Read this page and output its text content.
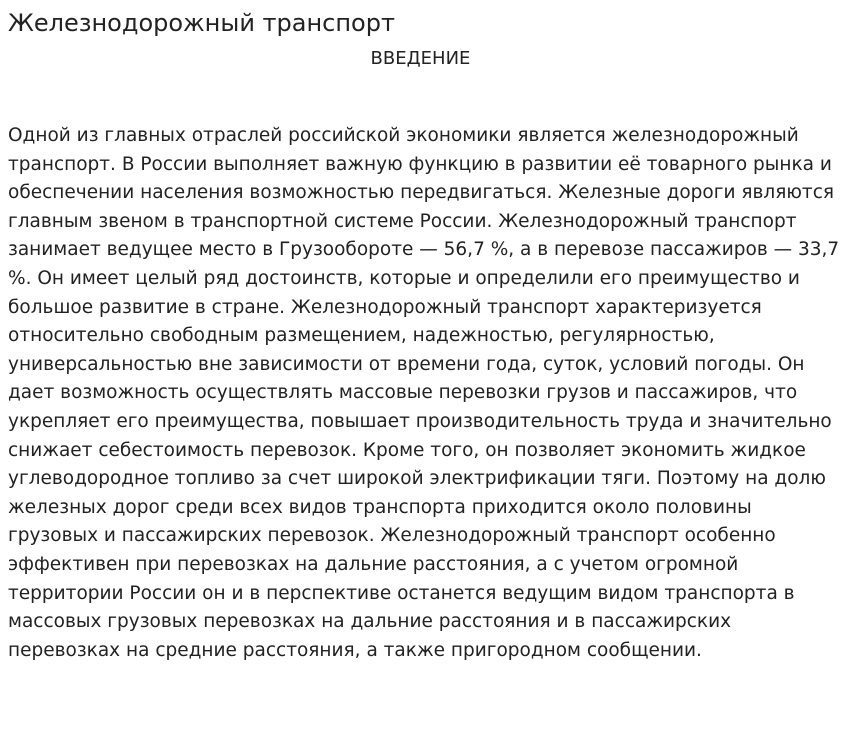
Железнодорожный транспорт
ВВЕДЕНИЕ

Одной из главных отраслей российской экономики является железнодорожный транспорт. В России выполняет важную функцию в развитии её товарного рынка и обеспечении населения возможностью передвигаться. Железные дороги являются главным звеном в транспортной системе России. Железнодорожный транспорт занимает ведущее место в Грузообороте — 56,7 %, а в перевозе пассажиров — 33,7 %. Он имеет целый ряд достоинств, которые и определили его преимущество и большое развитие в стране. Железнодорожный транспорт характеризуется относительно свободным размещением, надежностью, регулярностью, универсальностью вне зависимости от времени года, суток, условий погоды. Он дает возможность осуществлять массовые перевозки грузов и пассажиров, что укрепляет его преимущества, повышает производительность труда и значительно снижает себестоимость перевозок. Кроме того, он позволяет экономить жидкое углеводородное топливо за счет широкой электрификации тяги. Поэтому на долю железных дорог среди всех видов транспорта приходится около половины грузовых и пассажирских перевозок. Железнодорожный транспорт особенно эффективен при перевозках на дальние расстояния, а с учетом огромной территории России он и в перспективе останется ведущим видом транспорта в массовых грузовых перевозках на дальние расстояния и в пассажирских перевозках на средние расстояния, а также пригородном сообщении.
